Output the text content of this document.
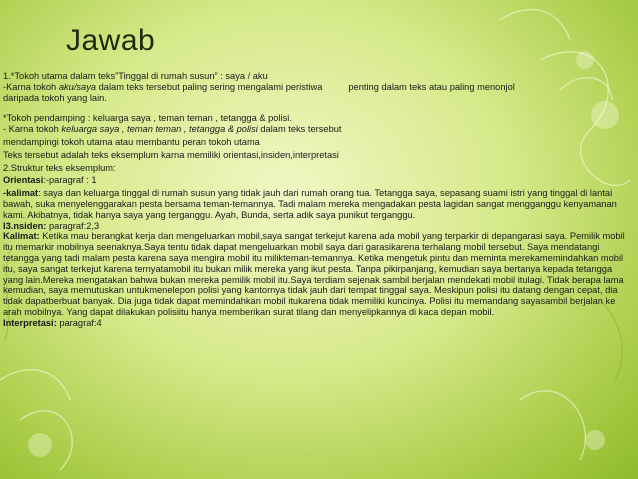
Jawab

1.*Tokoh utama dalam teks”Tinggal di rumah susun” : saya / aku

-Karna tokoh aku/saya dalam teks tersebut paling sering mengalami peristiwa	penting dalam teks atau paling menonjol

daripada tokoh yang lain.

*Tokoh pendamping : keluarga saya , teman teman , tetangga & polisi.

- Karna tokoh keluarga saya , teman teman , tetangga & polisi dalam teks tersebut

mendampingi tokoh utama atau membantu peran tokoh utama

Teks tersebut adalah teks eksemplum karna memiliki orientasi,insiden,interpretasi

2.Struktur teks eksemplum:

Orientasi:-paragraf : 1

-kalimat: saya dan keluarga tinggal di rumah susun yang tidak jauh dari rumah orang tua. Tetangga saya, sepasang suami istri yang tinggal di lantai bawah, suka menyelenggarakan pesta bersama teman-temannya. Tadi malam mereka mengadakan pesta lagidan sangat mengganggu kenyamanan kami. Akibatnya, tidak hanya saya yang terganggu. Ayah, Bunda, serta adik saya punikut terganggu.

I3.nsiden: paragraf:2,3

Kalimat: Ketika mau berangkat kerja dan mengeluarkan mobil,saya sangat terkejut karena ada mobil yang terparkir di depangarasi saya. Pemilik mobil itu memarkir mobilnya seenaknya.Saya tentu tidak dapat mengeluarkan mobil saya dari garasikarena terhalang mobil tersebut. Saya mendatangi tetangga yang tadi malam pesta karena saya mengira mobil itu milikteman-temannya. Ketika mengetuk pintu dan meminta merekamemindahkan mobil itu, saya sangat terkejut karena ternyatamobil itu bukan milik mereka yang ikut pesta. Tanpa pikirpanjang, kemudian saya bertanya kepada tetangga yang lain.Mereka mengatakan bahwa bukan mereka pemilik mobil itu.Saya terdiam sejenak sambil berjalan mendekati mobil itulagi. Tidak berapa lama kemudian, saya memutuskan untukmenelepon polisi yang kantornya tidak jauh dari tempat tinggal saya. Meskipun polisi itu datang dengan cepat, dia tidak dapatberbuat banyak. Dia juga tidak dapat memindahkan mobil itukarena tidak memiliki kuncinya. Polisi itu memandang sayasambil berjalan ke arah mobilnya. Yang dapat dilakukan polisiitu hanya memberikan surat tilang dan menyelipkannya di kaca depan mobil.

Interpretasi: paragraf:4
